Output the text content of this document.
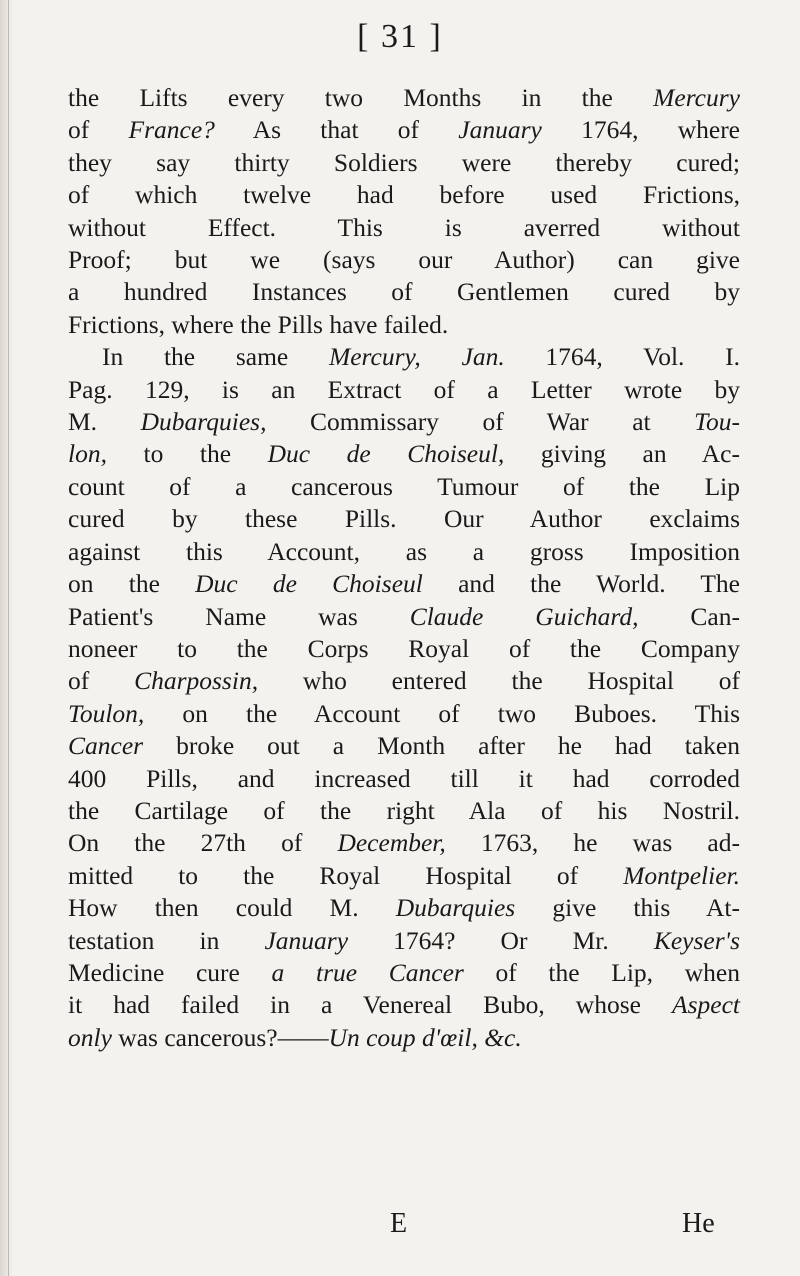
[ 31 ]
the Lifts every two Months in the Mercury
of France? As that of January 1764, where
they say thirty Soldiers were thereby cured;
of which twelve had before used Frictions,
without Effect. This is averred without
Proof; but we (says our Author) can give
a hundred Instances of Gentlemen cured by
Frictions, where the Pills have failed.
In the same Mercury, Jan. 1764, Vol. I.
Pag. 129, is an Extract of a Letter wrote by
M. Dubarquies, Commissary of War at Tou-
lon, to the Duc de Choiseul, giving an Ac-
count of a cancerous Tumour of the Lip
cured by these Pills. Our Author exclaims
against this Account, as a gross Imposition
on the Duc de Choiseul and the World. The
Patient's Name was Claude Guichard, Can-
noneer to the Corps Royal of the Company
of Charpossin, who entered the Hospital of
Toulon, on the Account of two Buboes. This
Cancer broke out a Month after he had taken
400 Pills, and increased till it had corroded
the Cartilage of the right Ala of his Nostril.
On the 27th of December, 1763, he was ad-
mitted to the Royal Hospital of Montpelier.
How then could M. Dubarquies give this At-
testation in January 1764? Or Mr. Keyser's
Medicine cure a true Cancer of the Lip, when
it had failed in a Venereal Bubo, whose Aspect
only was cancerous?——Un coup d'œil, &c.
E	He
